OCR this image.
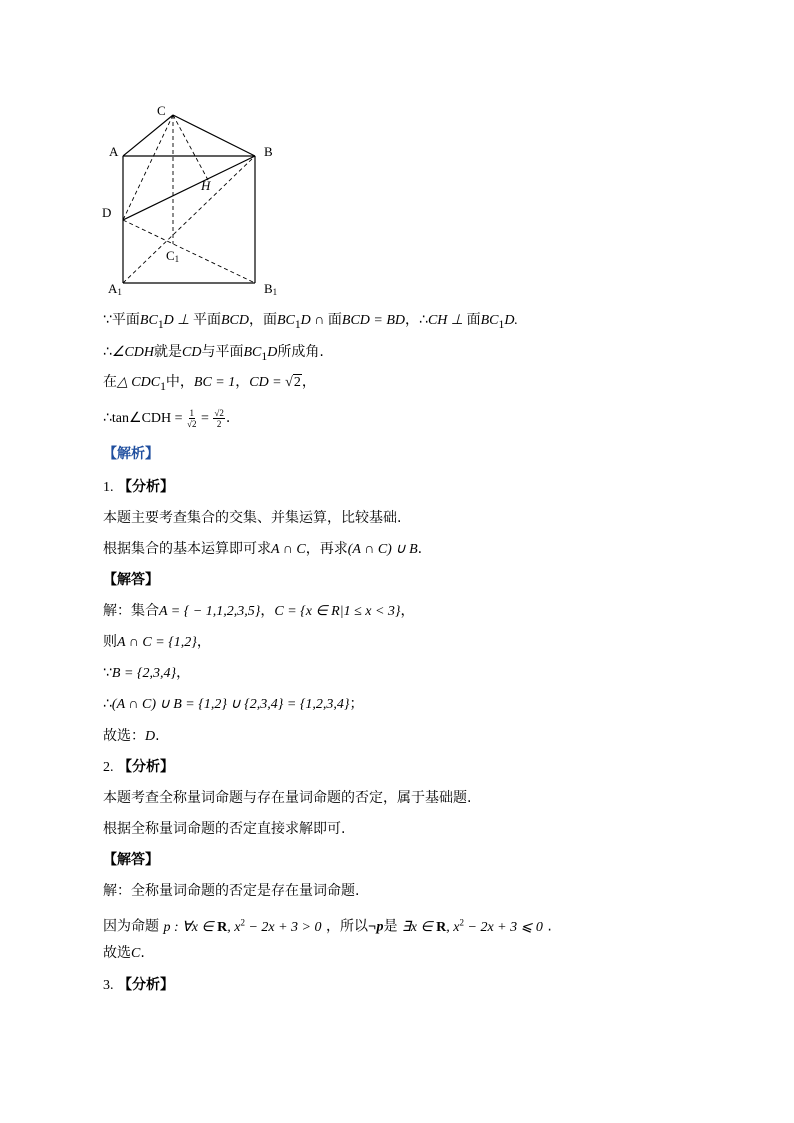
C
A	B
D
H
C1
A1	B1
∵平面$BC_1D$ ⊥ 平面BCD，面$BC_1D$ ∩ 面BCD = BD，∴CH ⊥ 面$BC_1D$.
∴∠CDH就是CD与平面$BC_1D$所成角.
在△ $CDC_1$中，BC = 1，CD = √2，
∴tan∠CDH = $\frac{1}{√2} = \frac{√2}{2}$ .
【解析】
1. 【分析】
本题主要考查集合的交集、并集运算，比较基础.
根据集合的基本运算即可求A ∩ C，再求(A ∩ C) ∪ B.
【解答】
解：集合A = { − 1,1,2,3,5}，C = {x ∈ R|1 ≤ x < 3}，
则A ∩ C = {1,2}，
∵B = {2,3,4}，
∴(A ∩ C) ∪ B = {1,2} ∪ {2,3,4} = {1,2,3,4}；
故选：D.
2. 【分析】
本题考查全称量词命题与存在量词命题的否定，属于基础题.
根据全称量词命题的否定直接求解即可.
【解答】
解：全称量词命题的否定是存在量词命题.
因为命题 p : ∀x ∈ R, $x^2 - 2x + 3 > 0$ ，所以¬p是 ∃x ∈ R, $x^2 - 2x + 3$ ⩽ 0 .
故选C.
3. 【分析】
